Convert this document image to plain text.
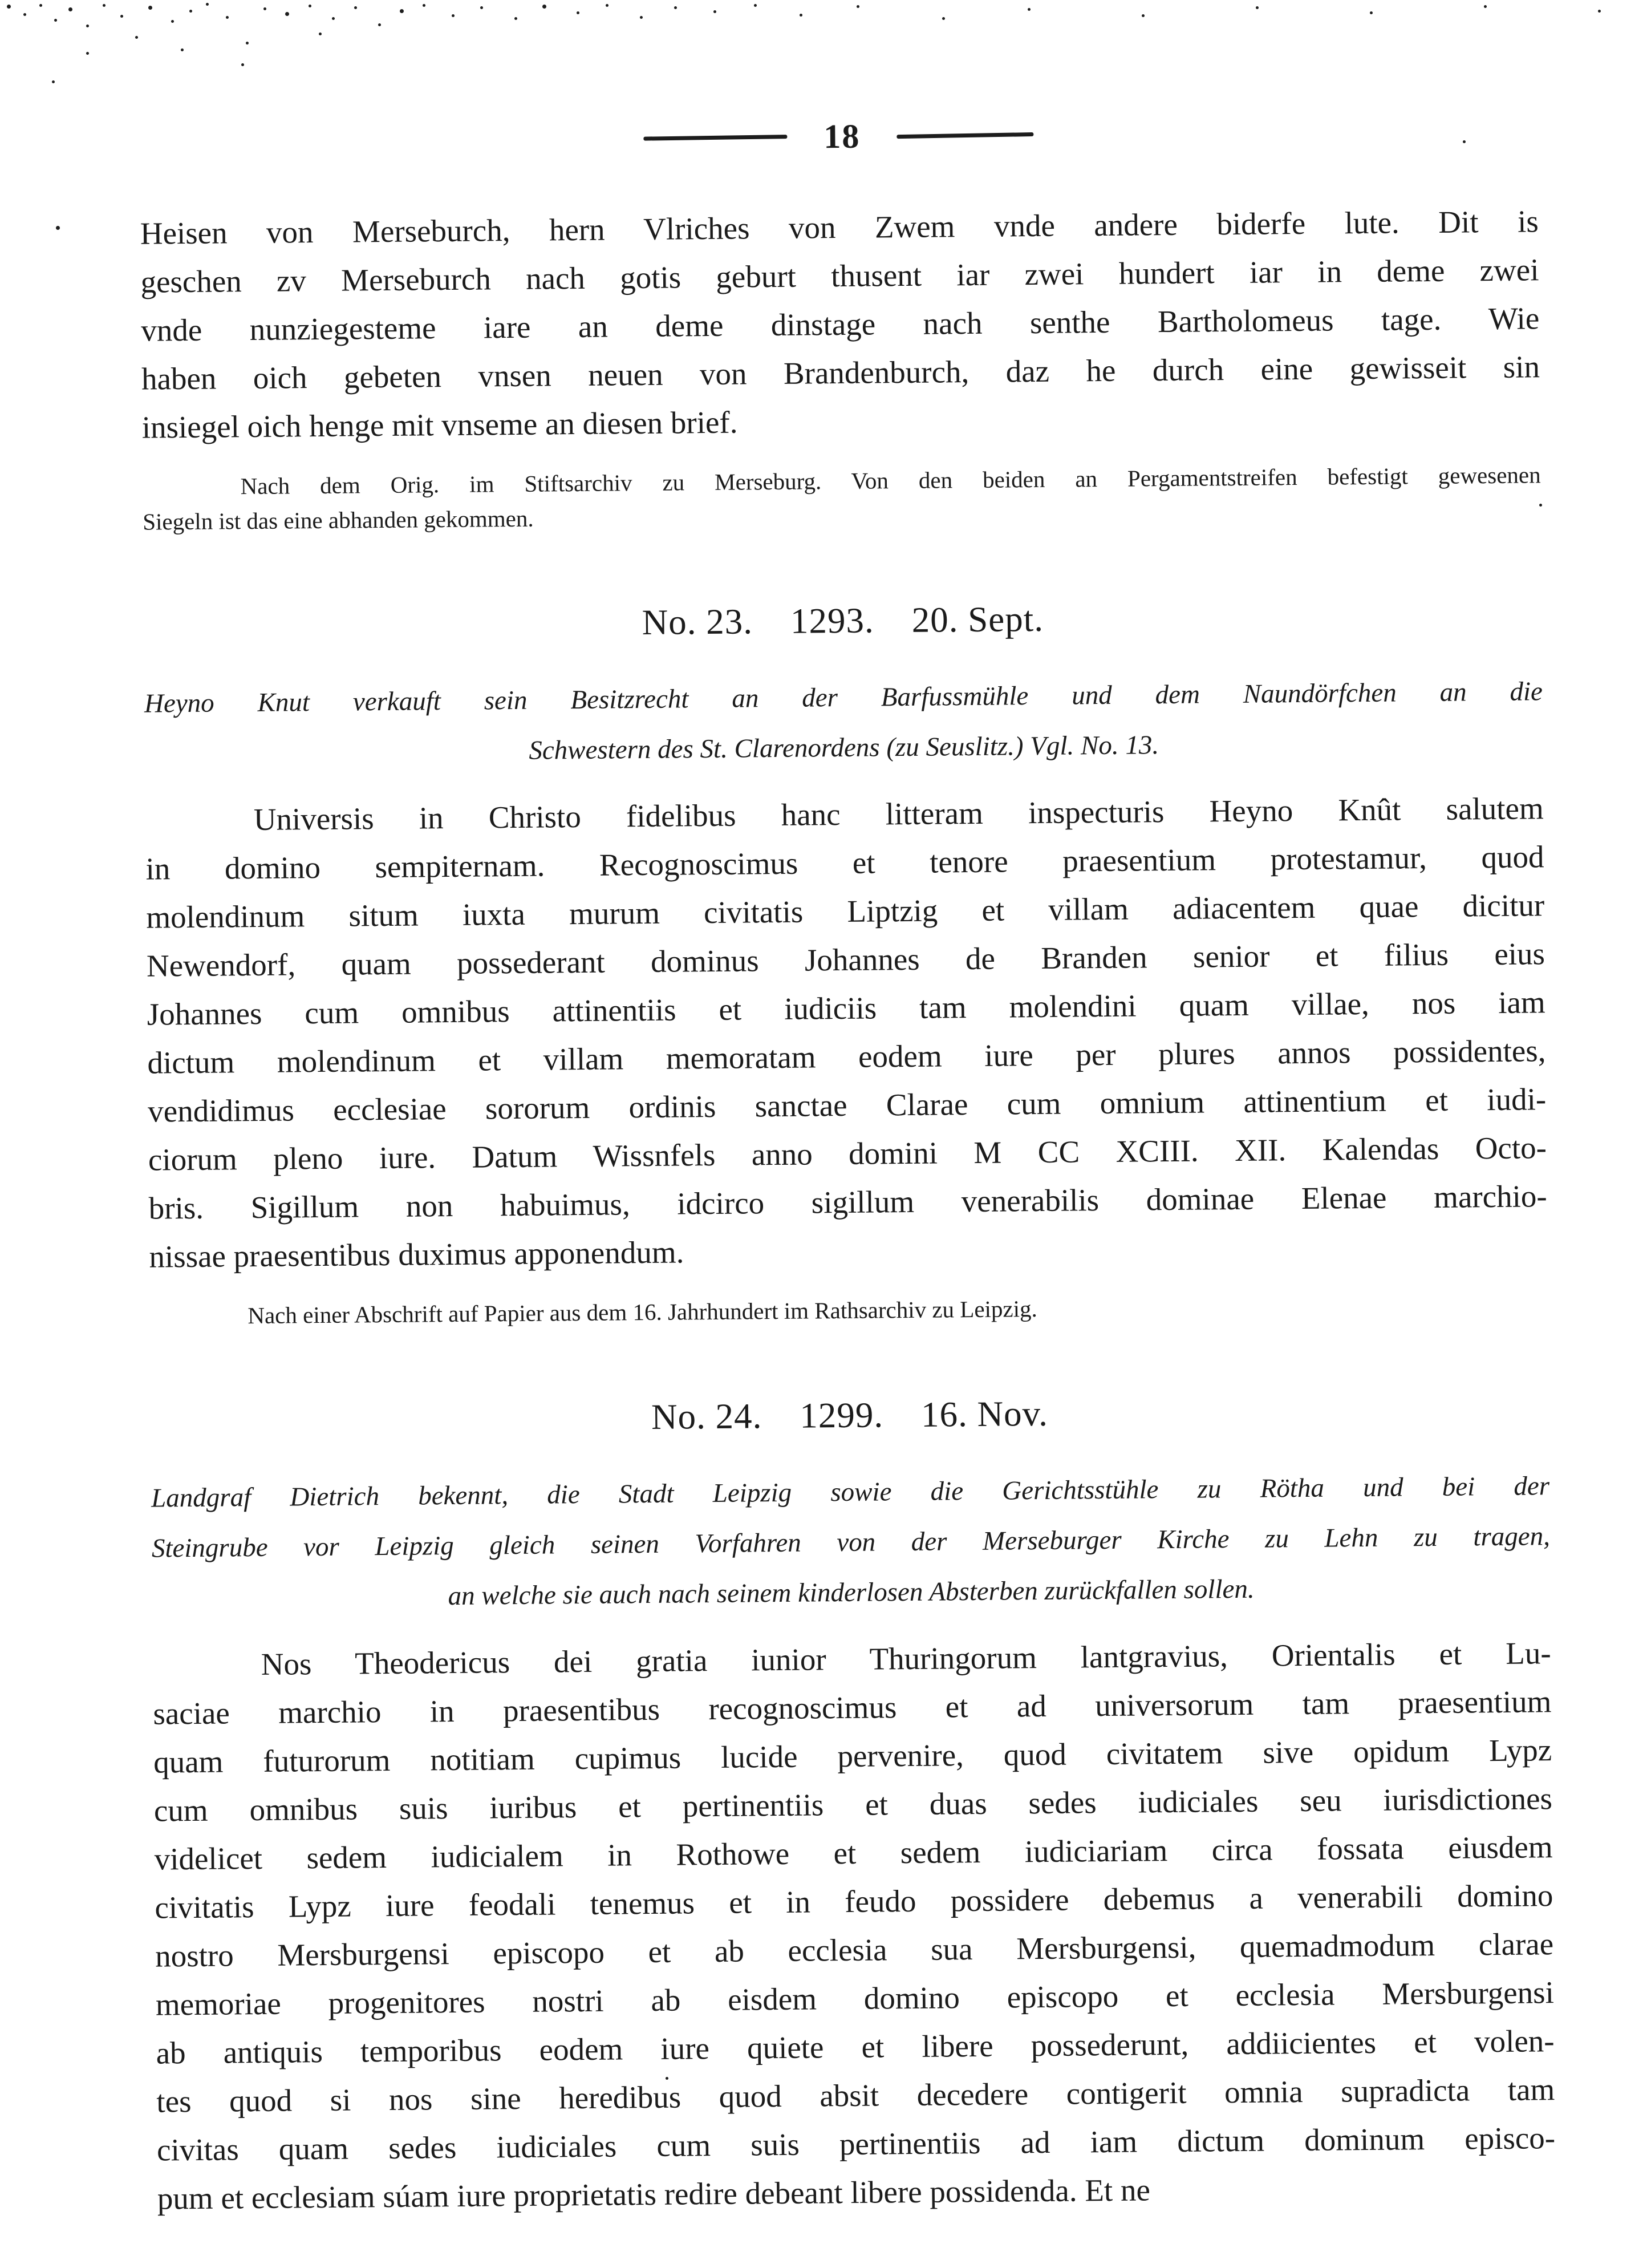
18
Heisen von Merseburch, hern Vlriches von Zwem vnde andere biderfe lute. Dit is
geschen zv Merseburch nach gotis geburt thusent iar zwei hundert iar in deme zwei
vnde nunziegesteme iare an deme dinstage nach senthe Bartholomeus tage. Wie
haben oich gebeten vnsen neuen von Brandenburch, daz he durch eine gewisseit sin
insiegel oich henge mit vnseme an diesen brief.
Nach dem Orig. im Stiftsarchiv zu Merseburg. Von den beiden an Pergamentstreifen befestigt gewesenen
Siegeln ist das eine abhanden gekommen.
No. 23. 1293. 20. Sept.
Heyno Knut verkauft sein Besitzrecht an der Barfussmühle und dem Naundörfchen an die
Schwestern des St. Clarenordens (zu Seuslitz.) Vgl. No. 13.
Universis in Christo fidelibus hanc litteram inspecturis Heyno Knût salutem
in domino sempiternam. Recognoscimus et tenore praesentium protestamur, quod
molendinum situm iuxta murum civitatis Liptzig et villam adiacentem quae dicitur
Newendorf, quam possederant dominus Johannes de Branden senior et filius eius
Johannes cum omnibus attinentiis et iudiciis tam molendini quam villae, nos iam
dictum molendinum et villam memoratam eodem iure per plures annos possidentes,
vendidimus ecclesiae sororum ordinis sanctae Clarae cum omnium attinentium et iudi-
ciorum pleno iure. Datum Wissnfels anno domini M CC XCIII. XII. Kalendas Octo-
bris. Sigillum non habuimus, idcirco sigillum venerabilis dominae Elenae marchio-
nissae praesentibus duximus apponendum.
Nach einer Abschrift auf Papier aus dem 16. Jahrhundert im Rathsarchiv zu Leipzig.
No. 24. 1299. 16. Nov.
Landgraf Dietrich bekennt, die Stadt Leipzig sowie die Gerichtsstühle zu Rötha und bei der
Steingrube vor Leipzig gleich seinen Vorfahren von der Merseburger Kirche zu Lehn zu tragen,
an welche sie auch nach seinem kinderlosen Absterben zurückfallen sollen.
Nos Theodericus dei gratia iunior Thuringorum lantgravius, Orientalis et Lu-
saciae marchio in praesentibus recognoscimus et ad universorum tam praesentium
quam futurorum notitiam cupimus lucide pervenire, quod civitatem sive opidum Lypz
cum omnibus suis iuribus et pertinentiis et duas sedes iudiciales seu iurisdictiones
videlicet sedem iudicialem in Rothowe et sedem iudiciariam circa fossata eiusdem
civitatis Lypz iure feodali tenemus et in feudo possidere debemus a venerabili domino
nostro Mersburgensi episcopo et ab ecclesia sua Mersburgensi, quemadmodum clarae
memoriae progenitores nostri ab eisdem domino episcopo et ecclesia Mersburgensi
ab antiquis temporibus eodem iure quiete et libere possederunt, addiicientes et volen-
tes quod si nos sine heredibus quod absit decedere contigerit omnia supradicta tam
civitas quam sedes iudiciales cum suis pertinentiis ad iam dictum dominum episco-
pum et ecclesiam súam iure proprietatis redire debeant libere possidenda. Et ne
